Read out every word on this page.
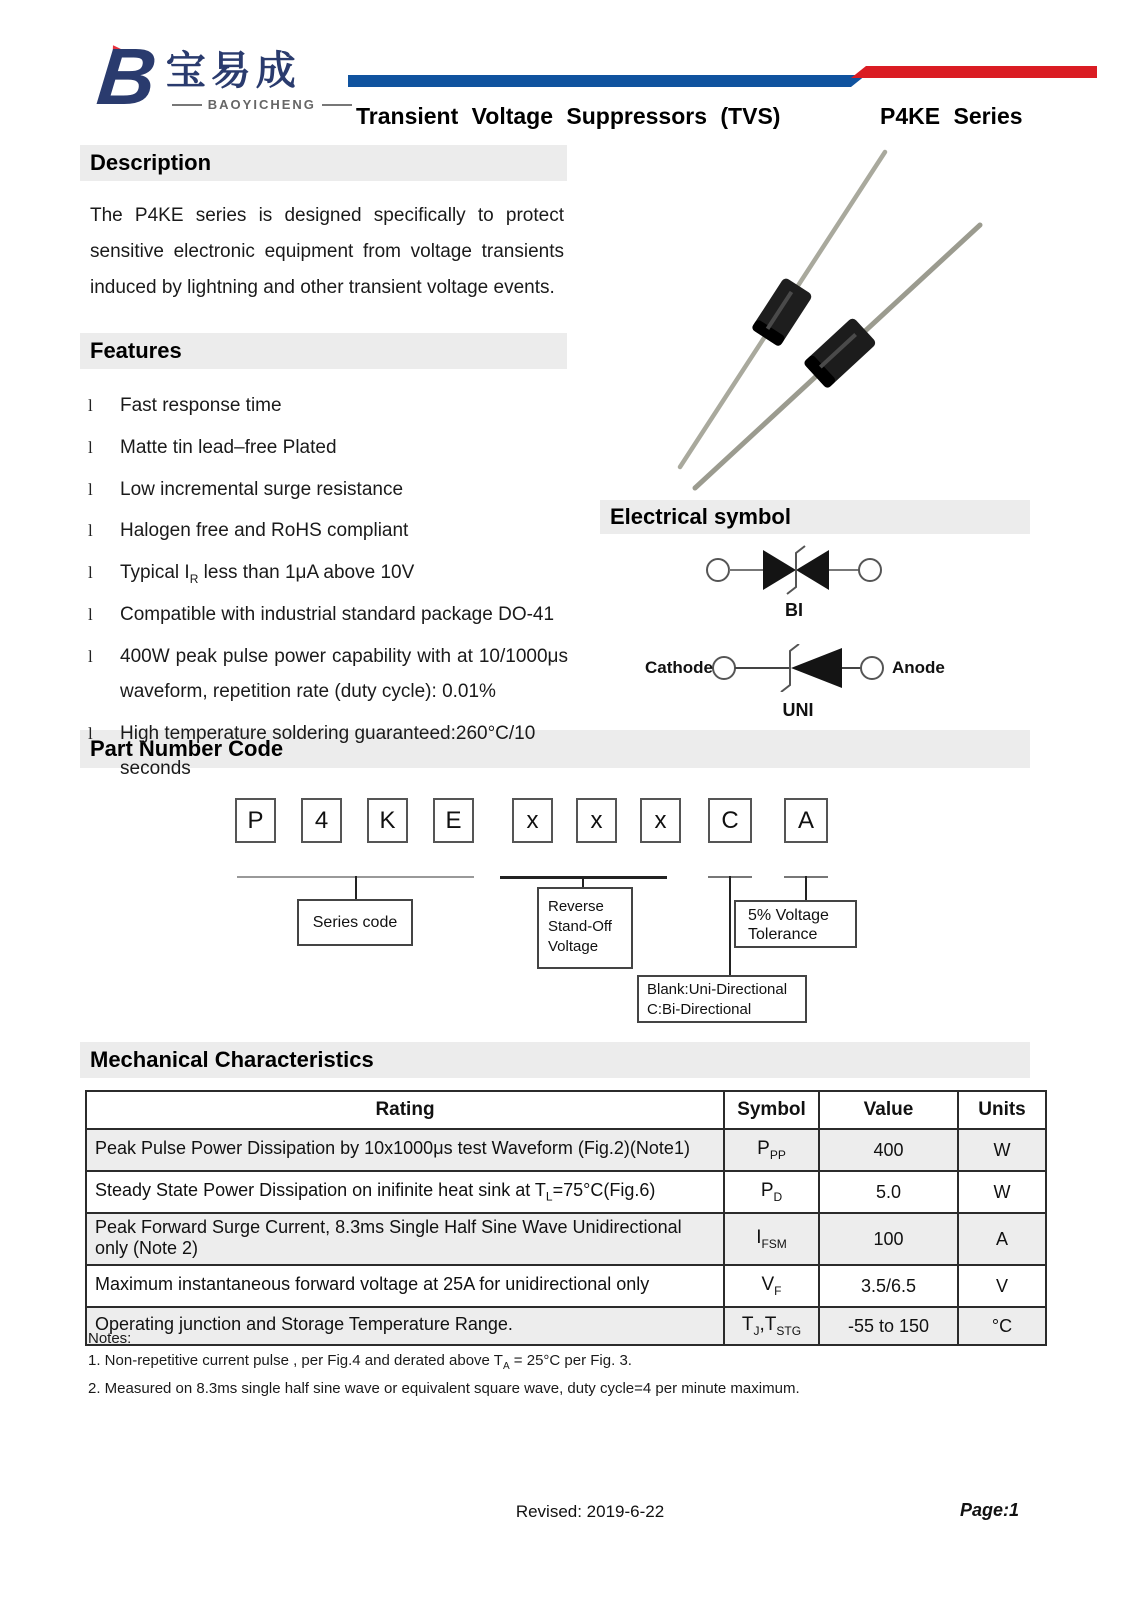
B 宝易成
BAOYICHENG	Transient Voltage Suppressors (TVS)	P4KE Series
Description
Features
Electrical symbol
Part Number Code
Mechanical Characteristics
The P4KE series is designed specifically to protect sensitive electronic equipment from voltage transients induced by lightning and other transient voltage events.
l	Fast response time
l	Matte tin lead–free Plated
l	Low incremental surge resistance
l	Halogen free and RoHS compliant
l	Typical $I_R$ less than 1μA above 10V
l	Compatible with industrial standard package DO-41
l	400W peak pulse power capability with at 10/1000μs waveform, repetition rate (duty cycle): 0.01%
l	High temperature soldering guaranteed:260°C/10 seconds
BI
Cathode	Anode
UNI
P	4	K	E	x	x	x	C	A
Series code
Reverse
Stand-Off
Voltage
5% Voltage
Tolerance
Blank:Uni-Directional
C:Bi-Directional
Rating	Symbol	Value	Units
Peak Pulse Power Dissipation by 10x1000μs test Waveform (Fig.2)(Note1)	$P_{PP}$	400	W
Steady State Power Dissipation on inifinite heat sink at $T_L=75^\circ C(Fig.6)$	$P_D$	5.0	W
Peak Forward Surge Current, 8.3ms Single Half Sine Wave Unidirectional only (Note 2)	$I_{FSM}$	100	A
Maximum instantaneous forward voltage at 25A for unidirectional only	$V_F$	3.5/6.5	V
Operating junction and Storage Temperature Range.	$T_J,T_{STG}$	-55 to 150	°C
Notes:
1. Non-repetitive current pulse , per Fig.4 and derated above $T_A = 25^\circ C$ per Fig. 3.
2. Measured on 8.3ms single half sine wave or equivalent square wave, duty cycle=4 per minute maximum.
Revised: 2019-6-22	Page:1
